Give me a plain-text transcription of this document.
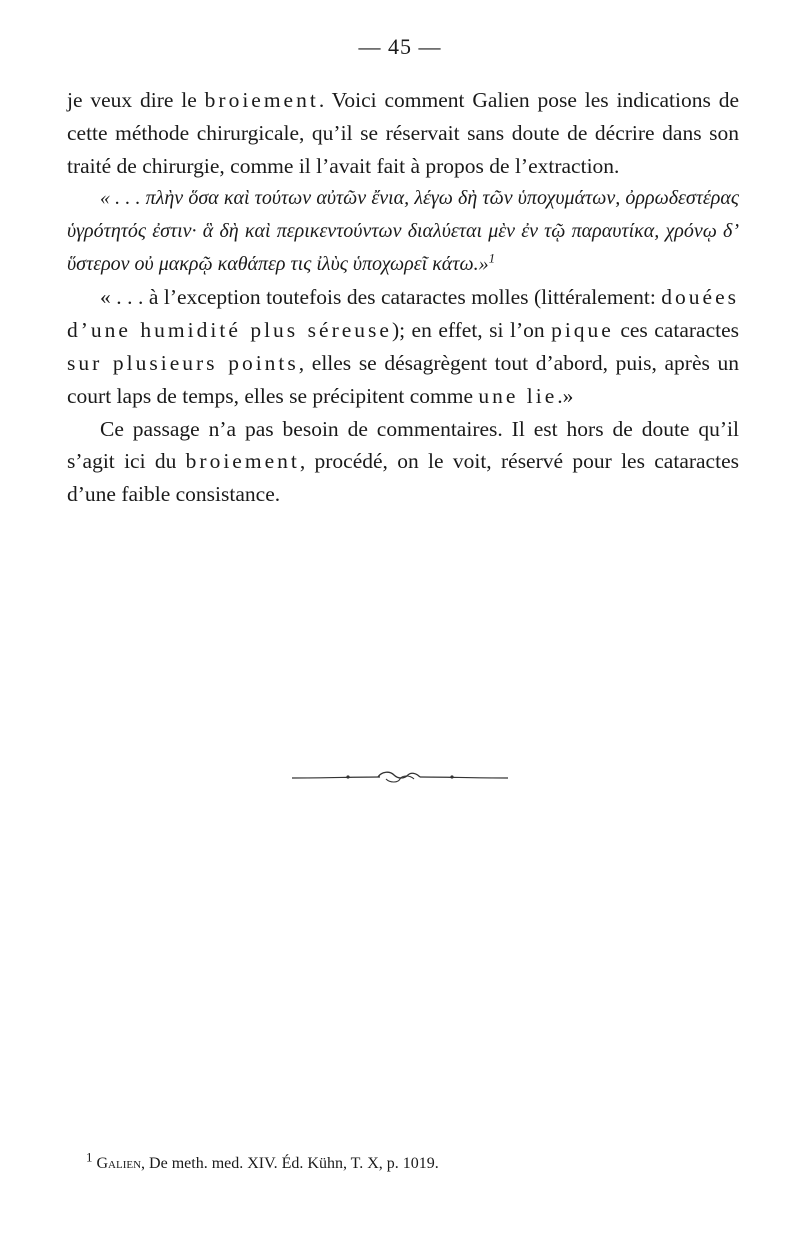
— 45 —

je veux dire le broiement. Voici comment Galien pose les indications de cette méthode chirurgicale, qu’il se réservait sans doute de décrire dans son traité de chirurgie, comme il l’avait fait à propos de l’extraction.

« . . . πλὴν ὅσα καὶ τούτων αὐτῶν ἔνια, λέγω δὴ τῶν ὑποχυμάτων, ὀρρωδεστέρας ὑγρότητός ἐστιν· ἃ δὴ καὶ περικεντούντων διαλύεται μὲν ἐν τῷ παραυτίκα, χρόνῳ δ’ ὕστερον οὐ μακρῷ καθάπερ τις ἰλὺς ὑποχωρεῖ κάτω.»$^1$

« . . . à l’exception toutefois des cataractes molles (littéralement: douées d’une humidité plus séreuse); en effet, si l’on pique ces cataractes sur plusieurs points, elles se désagrègent tout d’abord, puis, après un court laps de temps, elles se précipitent comme une lie.»

Ce passage n’a pas besoin de commentaires. Il est hors de doute qu’il s’agit ici du broiement, procédé, on le voit, réservé pour les cataractes d’une faible consistance.

$^1$ Galien, De meth. med. XIV. Éd. Kühn, T. X, p. 1019.
